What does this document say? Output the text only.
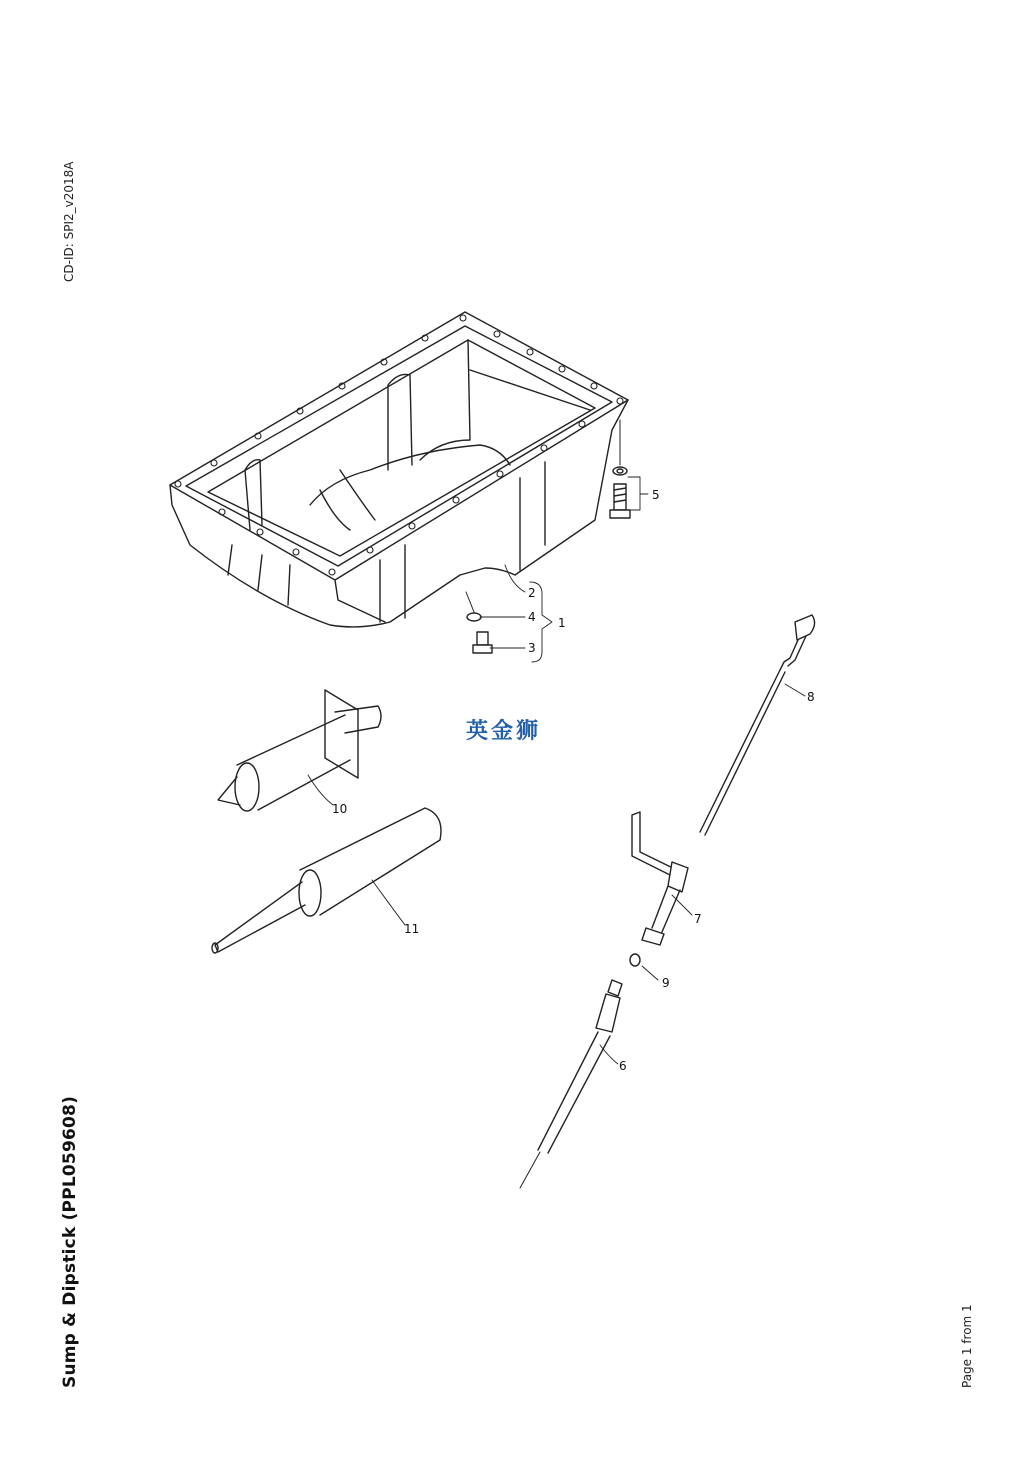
CD-ID: SPI2_v2018A
Sump & Dipstick (PPL059608)	Page 1 from 1
1
2
3
4
5
6
7
8
9
10
11
英金狮
